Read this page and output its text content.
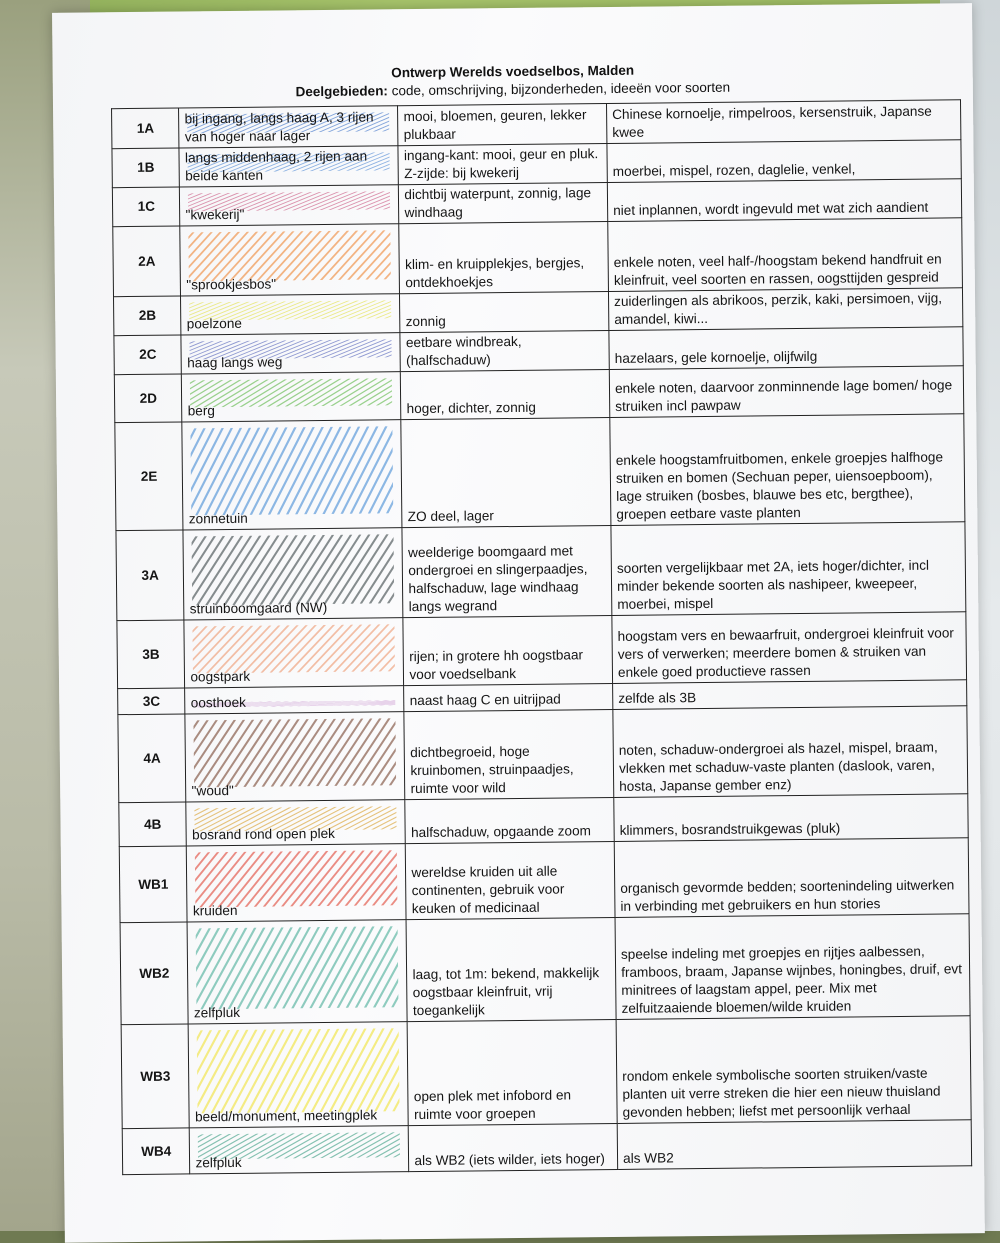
Ontwerp Werelds voedselbos, Malden
Deelgebieden: code, omschrijving, bijzonderheden, ideeën voor soorten
1A	bij ingang, langs haag A, 3 rijen van hoger naar lager	mooi, bloemen, geuren, lekker plukbaar	Chinese kornoelje, rimpelroos, kersenstruik, Japanse kwee
1B	langs middenhaag, 2 rijen aan beide kanten	ingang-kant: mooi, geur en pluk. Z-zijde: bij kwekerij	moerbei, mispel, rozen, daglelie, venkel,
1C	"kwekerij"	dichtbij waterpunt, zonnig, lage windhaag	niet inplannen, wordt ingevuld met wat zich aandient
2A	"sprookjesbos"	klim- en kruipplekjes, bergjes, ontdekhoekjes	enkele noten, veel half-/hoogstam bekend handfruit en kleinfruit, veel soorten en rassen, oogsttijden gespreid
2B	poelzone	zonnig	zuiderlingen als abrikoos, perzik, kaki, persimoen, vijg, amandel, kiwi...
2C	haag langs weg	eetbare windbreak, (halfschaduw)	hazelaars, gele kornoelje, olijfwilg
2D	berg	hoger, dichter, zonnig	enkele noten, daarvoor zonminnende lage bomen/ hoge struiken incl pawpaw
2E	zonnetuin	ZO deel, lager	enkele hoogstamfruitbomen, enkele groepjes halfhoge struiken en bomen (Sechuan peper, uiensoepboom), lage struiken (bosbes, blauwe bes etc, bergthee), groepen eetbare vaste planten
3A	struinboomgaard (NW)	weelderige boomgaard met ondergroei en slingerpaadjes, halfschaduw, lage windhaag langs wegrand	soorten vergelijkbaar met 2A, iets hoger/dichter, incl minder bekende soorten als nashipeer, kweepeer, moerbei, mispel
3B	oogstpark	rijen; in grotere hh oogstbaar voor voedselbank	hoogstam vers en bewaarfruit, ondergroei kleinfruit voor vers of verwerken; meerdere bomen & struiken van enkele goed productieve rassen
3C	oosthoek	naast haag C en uitrijpad	zelfde als 3B
4A	"woud"	dichtbegroeid, hoge kruinbomen, struinpaadjes, ruimte voor wild	noten, schaduw-ondergroei als hazel, mispel, braam, vlekken met schaduw-vaste planten (daslook, varen, hosta, Japanse gember enz)
4B	bosrand rond open plek	halfschaduw, opgaande zoom	klimmers, bosrandstruikgewas (pluk)
WB1	kruiden	wereldse kruiden uit alle continenten, gebruik voor keuken of medicinaal	organisch gevormde bedden; soortenindeling uitwerken in verbinding met gebruikers en hun stories
WB2	zelfpluk	laag, tot 1m: bekend, makkelijk oogstbaar kleinfruit, vrij toegankelijk	speelse indeling met groepjes en rijtjes aalbessen, framboos, braam, Japanse wijnbes, honingbes, druif, evt minitrees of laagstam appel, peer. Mix met zelfuitzaaiende bloemen/wilde kruiden
WB3	beeld/monument, meetingplek	open plek met infobord en ruimte voor groepen	rondom enkele symbolische soorten struiken/vaste planten uit verre streken die hier een nieuw thuisland gevonden hebben; liefst met persoonlijk verhaal
WB4	zelfpluk	als WB2 (iets wilder, iets hoger)	als WB2
